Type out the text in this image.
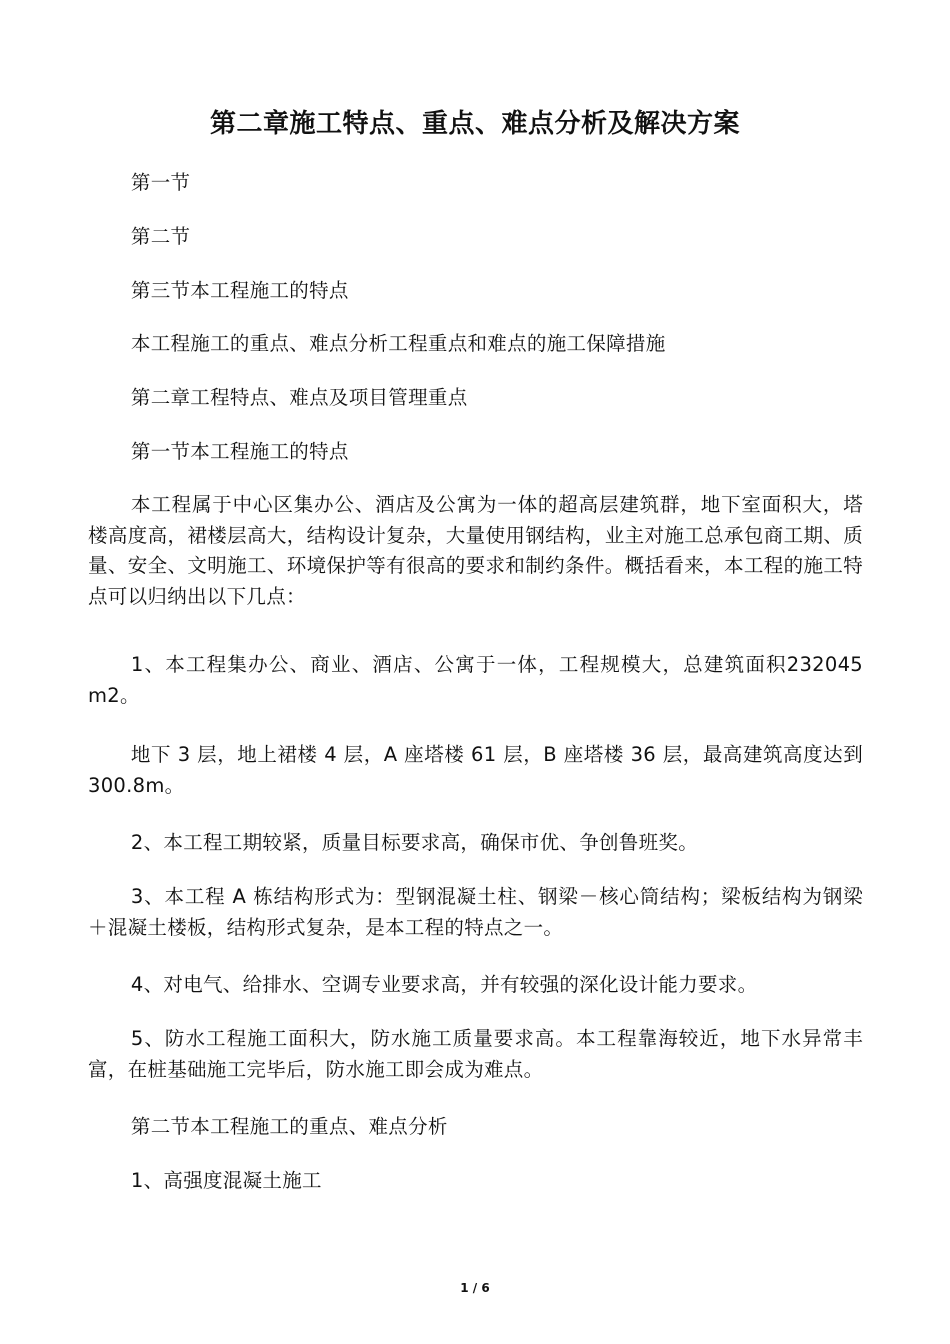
第二章施工特点、重点、难点分析及解决方案

第一节

第二节

第三节本工程施工的特点

本工程施工的重点、难点分析工程重点和难点的施工保障措施

第二章工程特点、难点及项目管理重点

第一节本工程施工的特点

本工程属于中心区集办公、酒店及公寓为一体的超高层建筑群，地下室面积大，塔楼高度高，裙楼层高大，结构设计复杂，大量使用钢结构，业主对施工总承包商工期、质量、安全、文明施工、环境保护等有很高的要求和制约条件。概括看来，本工程的施工特点可以归纳出以下几点：

1、本工程集办公、商业、酒店、公寓于一体，工程规模大，总建筑面积232045 m2。

地下 3 层，地上裙楼 4 层，A 座塔楼 61 层，B 座塔楼 36 层，最高建筑高度达到 300.8m。

2、本工程工期较紧，质量目标要求高，确保市优、争创鲁班奖。

3、本工程 A 栋结构形式为：型钢混凝土柱、钢梁－核心筒结构；梁板结构为钢梁＋混凝土楼板，结构形式复杂，是本工程的特点之一。

4、对电气、给排水、空调专业要求高，并有较强的深化设计能力要求。

5、防水工程施工面积大，防水施工质量要求高。本工程靠海较近，地下水异常丰富，在桩基础施工完毕后，防水施工即会成为难点。

第二节本工程施工的重点、难点分析

1、高强度混凝土施工

1 / 6
